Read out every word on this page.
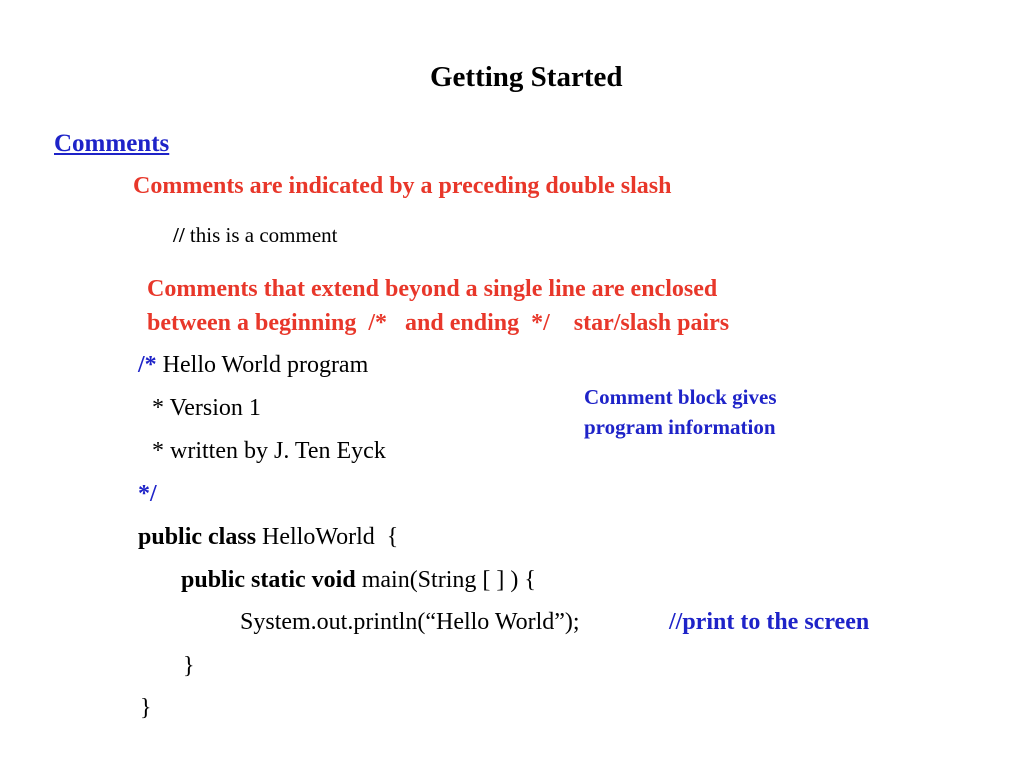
Getting Started
Comments
Comments are indicated by a preceding double slash
// this is a comment
Comments that extend beyond a single line are enclosed
between a beginning  /*   and ending  */    star/slash pairs
/* Hello World program
* Version 1
* written by J. Ten Eyck
*/
Comment block gives
program information
public class HelloWorld  {
public static void main(String [ ] ) {
System.out.println(“Hello World”);	//print to the screen
}
}
